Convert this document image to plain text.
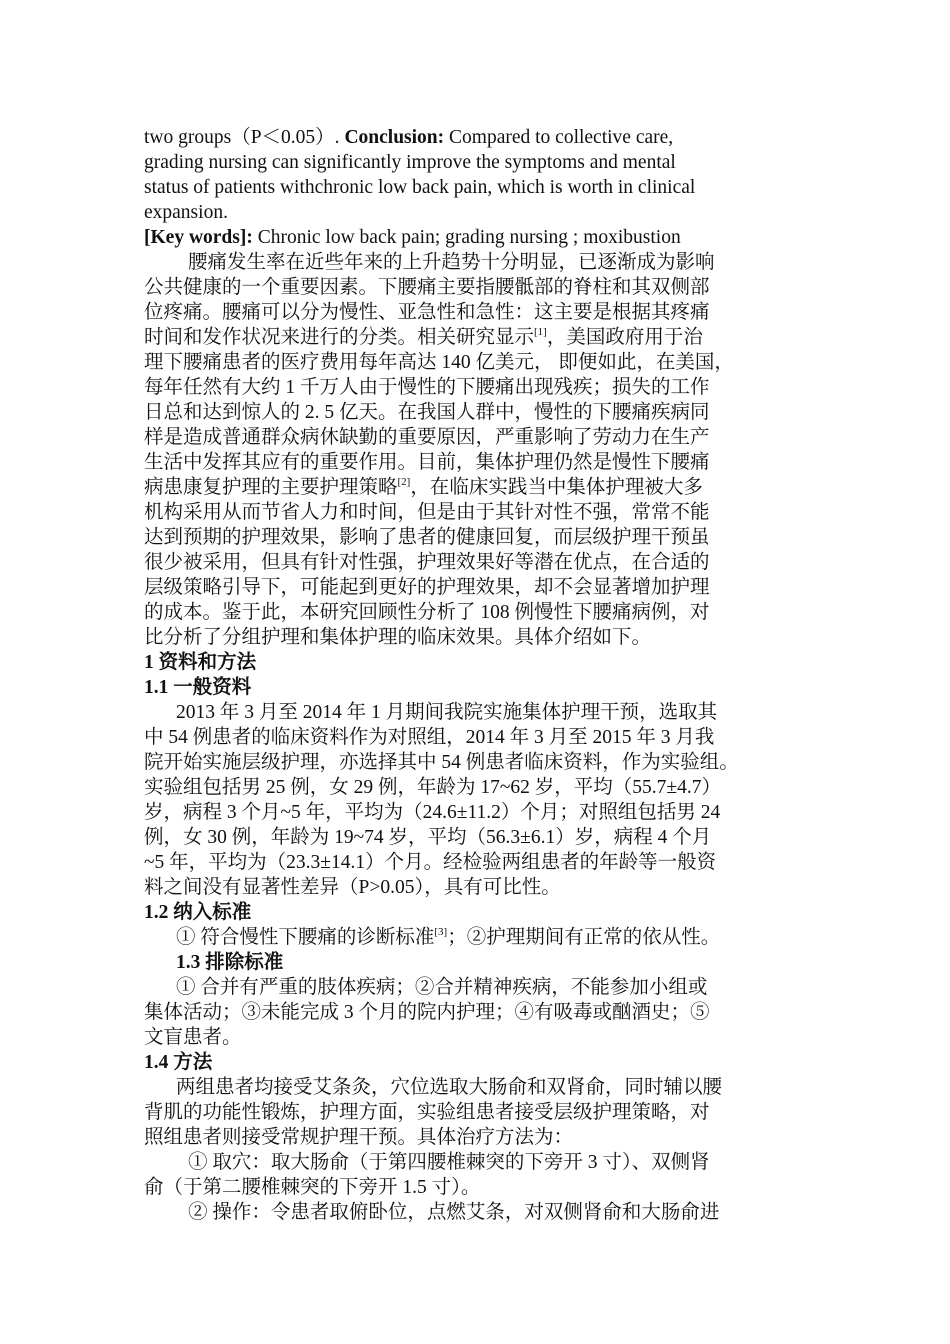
two groups（P＜0.05）. Conclusion: Compared to collective care,
grading nursing can significantly improve the symptoms and mental
status of patients withchronic low back pain, which is worth in clinical
expansion.
[Key words]: Chronic low back pain; grading nursing ; moxibustion
腰痛发生率在近些年来的上升趋势十分明显，已逐渐成为影响
公共健康的一个重要因素。下腰痛主要指腰骶部的脊柱和其双侧部
位疼痛。腰痛可以分为慢性、亚急性和急性：这主要是根据其疼痛
时间和发作状况来进行的分类。相关研究显示[1]，美国政府用于治
理下腰痛患者的医疗费用每年高达 140 亿美元， 即便如此，在美国，
每年任然有大约 1 千万人由于慢性的下腰痛出现残疾；损失的工作
日总和达到惊人的 2. 5 亿天。在我国人群中，慢性的下腰痛疾病同
样是造成普通群众病休缺勤的重要原因，严重影响了劳动力在生产
生活中发挥其应有的重要作用。目前，集体护理仍然是慢性下腰痛
病患康复护理的主要护理策略[2]，在临床实践当中集体护理被大多
机构采用从而节省人力和时间，但是由于其针对性不强，常常不能
达到预期的护理效果，影响了患者的健康回复，而层级护理干预虽
很少被采用，但具有针对性强，护理效果好等潜在优点，在合适的
层级策略引导下，可能起到更好的护理效果，却不会显著增加护理
的成本。鉴于此，本研究回顾性分析了 108 例慢性下腰痛病例，对
比分析了分组护理和集体护理的临床效果。具体介绍如下。
1 资料和方法
1.1 一般资料
2013 年 3 月至 2014 年 1 月期间我院实施集体护理干预，选取其
中 54 例患者的临床资料作为对照组，2014 年 3 月至 2015 年 3 月我
院开始实施层级护理，亦选择其中 54 例患者临床资料，作为实验组。
实验组包括男 25 例，女 29 例，年龄为 17~62 岁，平均（55.7±4.7）
岁，病程 3 个月~5 年，平均为（24.6±11.2）个月；对照组包括男 24
例，女 30 例，年龄为 19~74 岁，平均（56.3±6.1）岁，病程 4 个月
~5 年，平均为（23.3±14.1）个月。经检验两组患者的年龄等一般资
料之间没有显著性差异（P>0.05），具有可比性。
1.2 纳入标准
① 符合慢性下腰痛的诊断标准[3]；②护理期间有正常的依从性。
1.3 排除标准
① 合并有严重的肢体疾病；②合并精神疾病，不能参加小组或
集体活动；③未能完成 3 个月的院内护理；④有吸毒或酗酒史；⑤
文盲患者。
1.4 方法
两组患者均接受艾条灸，穴位选取大肠俞和双肾俞，同时辅以腰
背肌的功能性锻炼，护理方面，实验组患者接受层级护理策略，对
照组患者则接受常规护理干预。具体治疗方法为：
① 取穴：取大肠俞（于第四腰椎棘突的下旁开 3 寸）、双侧肾
俞（于第二腰椎棘突的下旁开 1.5 寸）。
② 操作：令患者取俯卧位，点燃艾条，对双侧肾俞和大肠俞进
